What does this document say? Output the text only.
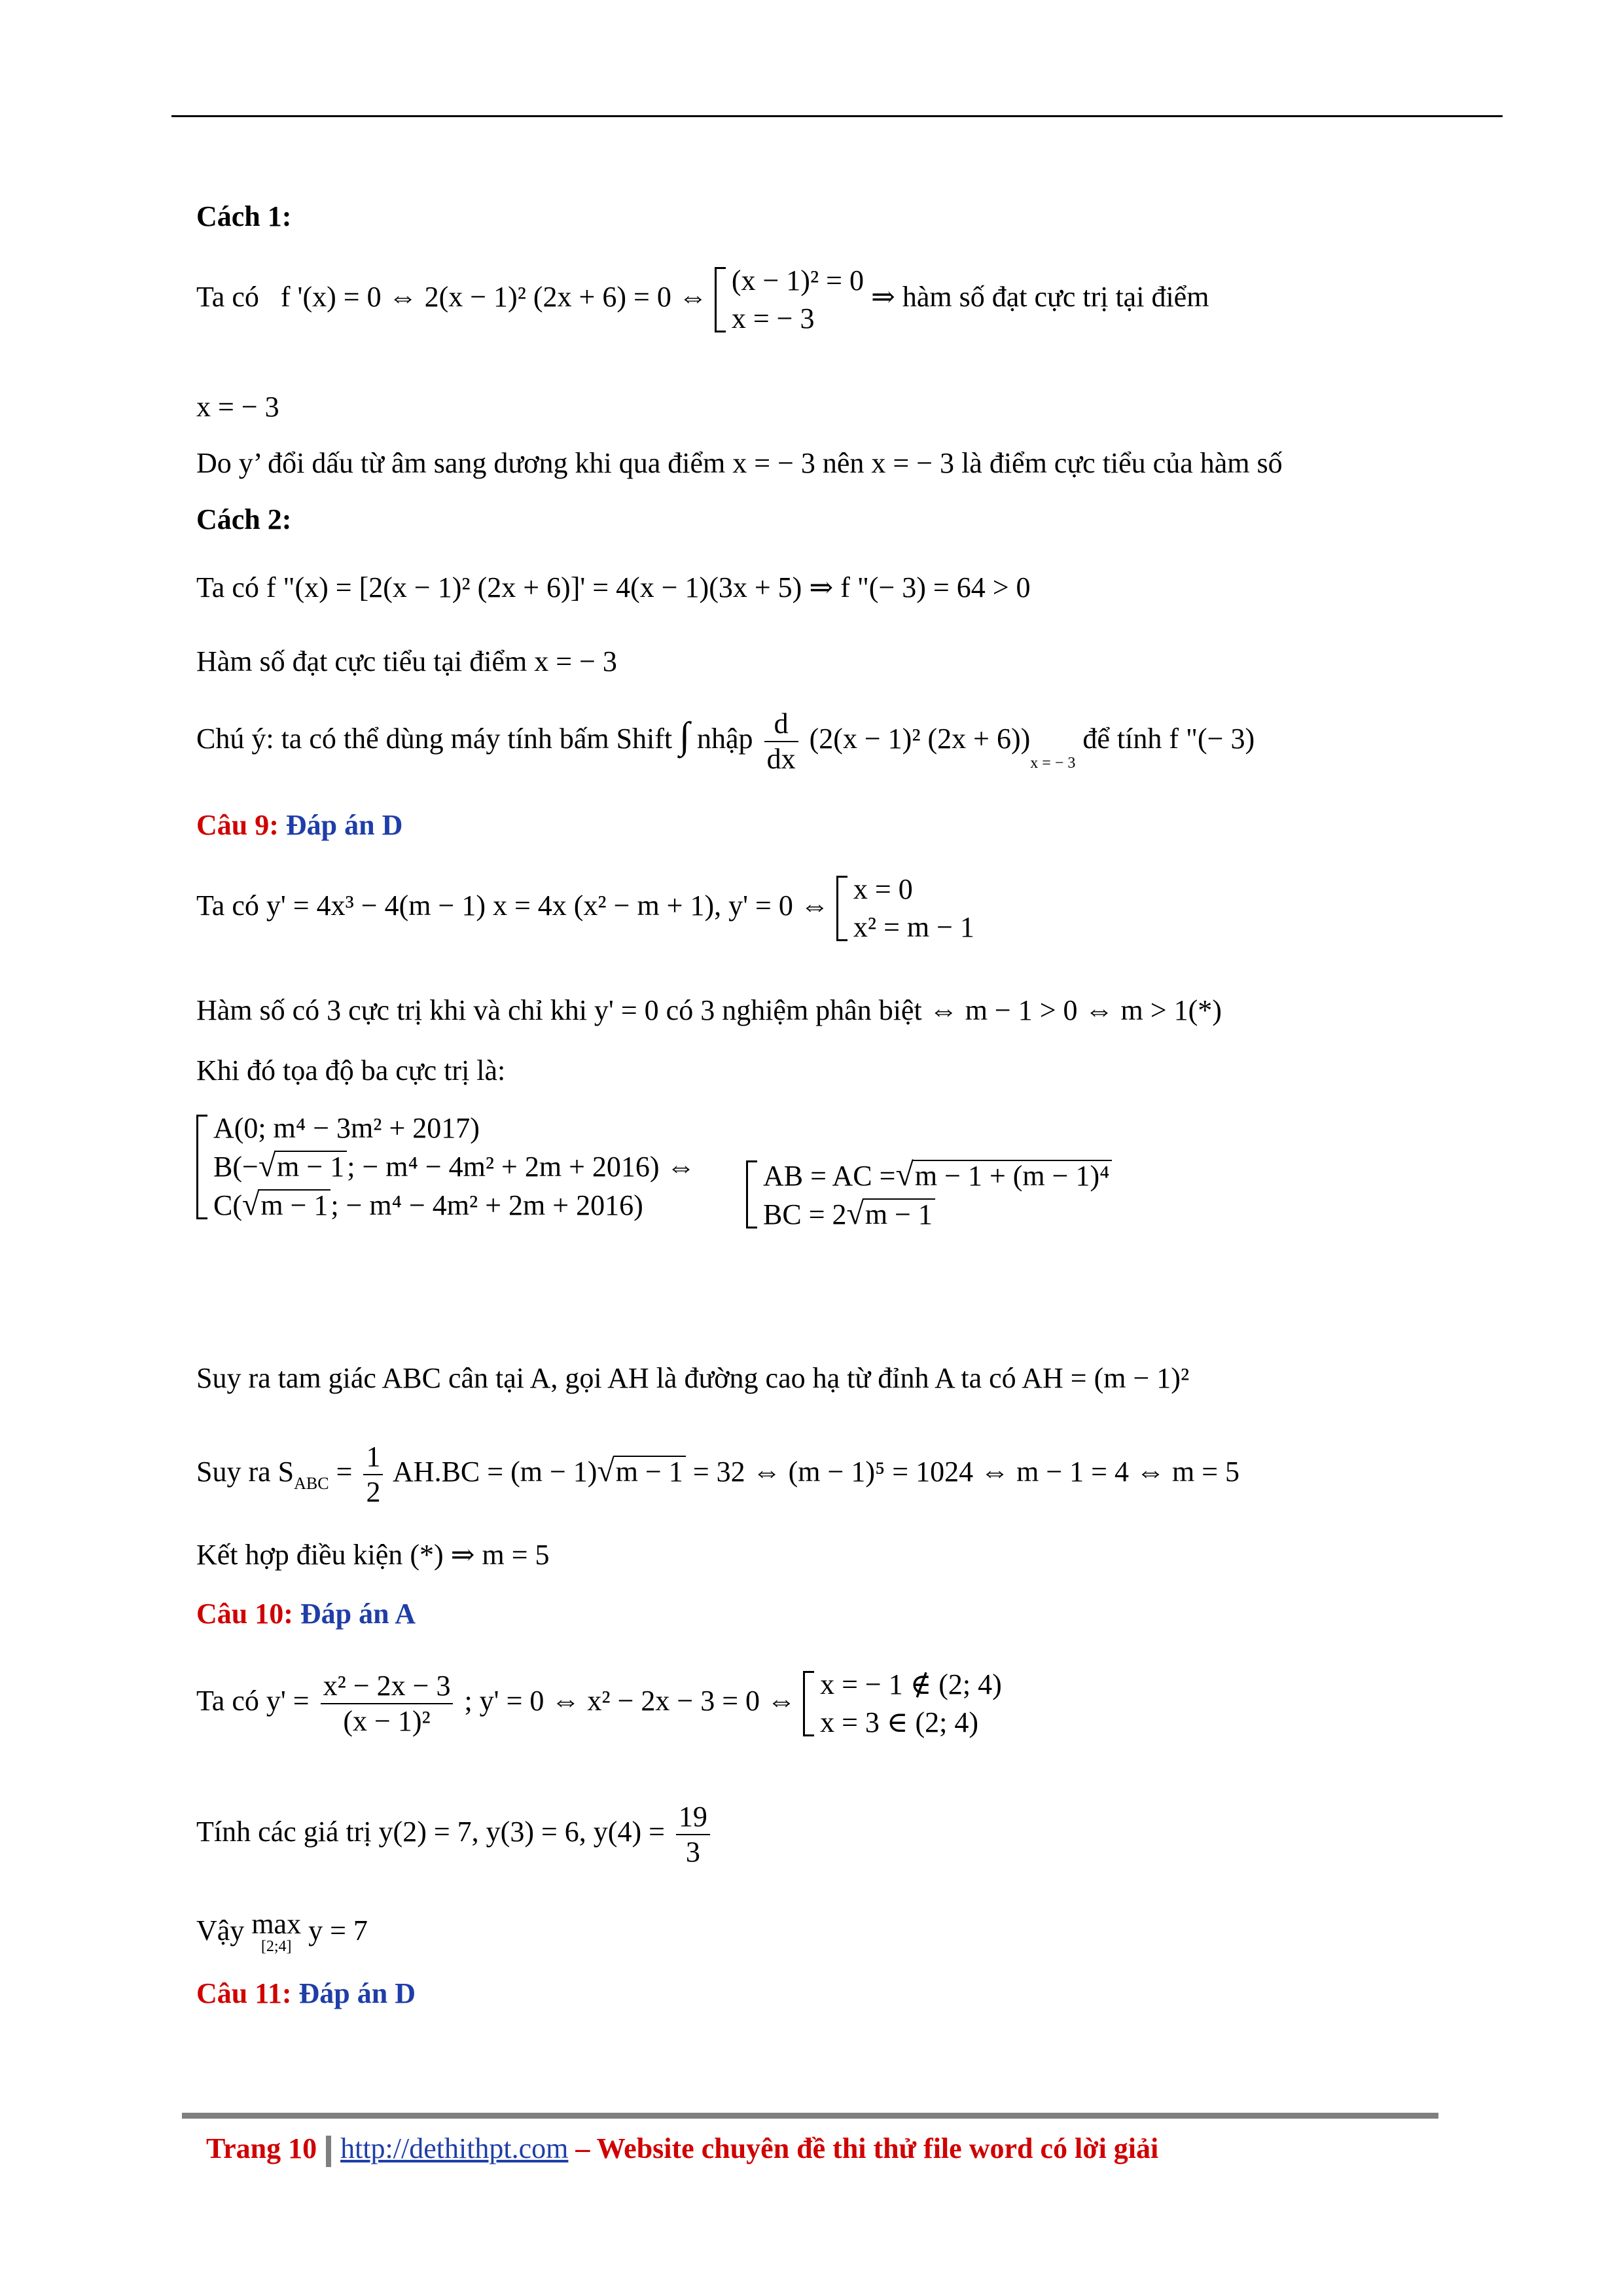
Cách 1:
Ta có f '(x) = 0 ⇔ 2(x − 1)² (2x + 6) = 0 ⇔
(x − 1)² = 0
x = − 3
⇒ hàm số đạt cực trị tại điểm
x = − 3
Do y’ đổi dấu từ âm sang dương khi qua điểm x = − 3 nên x = − 3 là điểm cực tiểu của hàm số
Cách 2:
Ta có f "(x) = [2(x − 1)² (2x + 6)]' = 4(x − 1)(3x + 5) ⇒ f "(− 3) = 64 > 0
Hàm số đạt cực tiểu tại điểm x = − 3
Chú ý: ta có thể dùng máy tính bấm Shift ∫ nhập $\frac{d}{dx} (2(x - 1)^2$ $(2x + 6))_{x = - 3}$ để tính f "(− 3)
Câu 9: Đáp án D
Ta có y' = 4x³ − 4(m − 1) x = 4x (x² − m + 1), y' = 0 ⇔
x = 0
x² = m − 1
Hàm số có 3 cực trị khi và chỉ khi y' = 0 có 3 nghiệm phân biệt ⇔ m − 1 > 0 ⇔ m > 1(*)
Khi đó tọa độ ba cực trị là:
A(0; m⁴ − 3m² + 2017)
B(−√m − 1; − m⁴ − 4m² + 2m + 2016) ⇔
C(√m − 1; − m⁴ − 4m² + 2m + 2016)
AB = AC =√m − 1 + (m − 1)⁴
BC = 2√m − 1
Suy ra tam giác ABC cân tại A, gọi AH là đường cao hạ từ đỉnh A ta có AH = (m − 1)²
Suy ra $S_{ABC} = \frac{1}{2} AH.BC = (m - 1)√m - 1 = 32$ ⇔ (m − 1)⁵ = 1024 ⇔ m − 1 = 4 ⇔ m = 5
Kết hợp điều kiện (*) ⇒ m = 5
Câu 10: Đáp án A
Ta có $y' = \frac{\text{x² − 2x − 3}}{\text{(x − 1)²}}$ ; y' = 0 ⇔ x² − 2x − 3 = 0 ⇔
x = − 1 ∉ (2; 4)
x = 3 ∈ (2; 4)
Tính các giá trị y(2) = 7, y(3) = 6, $y(4) = \frac{19}{3}$
Vậy max
[2;4] y = 7
Câu 11: Đáp án D
Trang 10 http://dethithpt.com – Website chuyên đề thi thử file word có lời giải
